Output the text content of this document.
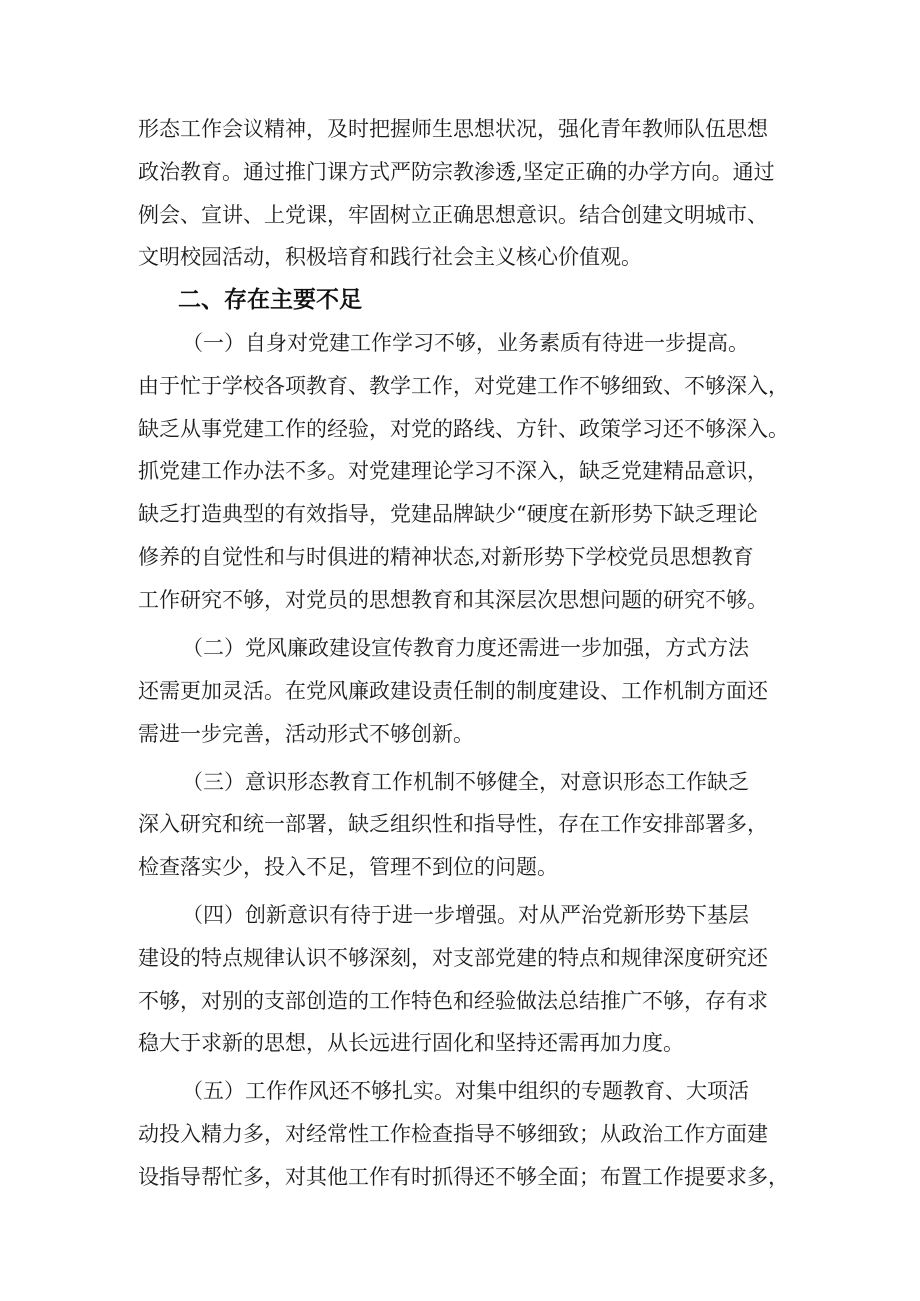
形态工作会议精神，及时把握师生思想状况，强化青年教师队伍思想

政治教育。通过推门课方式严防宗教渗透,坚定正确的办学方向。通过

例会、宣讲、上党课，牢固树立正确思想意识。结合创建文明城市、

文明校园活动，积极培育和践行社会主义核心价值观。

二、存在主要不足

（一）自身对党建工作学习不够，业务素质有待进一步提高。

由于忙于学校各项教育、教学工作，对党建工作不够细致、不够深入，

缺乏从事党建工作的经验，对党的路线、方针、政策学习还不够深入。

抓党建工作办法不多。对党建理论学习不深入，缺乏党建精品意识，

缺乏打造典型的有效指导，党建品牌缺少“硬度在新形势下缺乏理论

修养的自觉性和与时俱进的精神状态,对新形势下学校党员思想教育

工作研究不够，对党员的思想教育和其深层次思想问题的研究不够。

（二）党风廉政建设宣传教育力度还需进一步加强，方式方法

还需更加灵活。在党风廉政建设责任制的制度建设、工作机制方面还

需进一步完善，活动形式不够创新。

（三）意识形态教育工作机制不够健全，对意识形态工作缺乏

深入研究和统一部署，缺乏组织性和指导性，存在工作安排部署多，

检查落实少，投入不足，管理不到位的问题。

（四）创新意识有待于进一步增强。对从严治党新形势下基层

建设的特点规律认识不够深刻，对支部党建的特点和规律深度研究还

不够，对别的支部创造的工作特色和经验做法总结推广不够，存有求

稳大于求新的思想，从长远进行固化和坚持还需再加力度。

（五）工作作风还不够扎实。对集中组织的专题教育、大项活

动投入精力多，对经常性工作检查指导不够细致；从政治工作方面建

设指导帮忙多，对其他工作有时抓得还不够全面；布置工作提要求多，
